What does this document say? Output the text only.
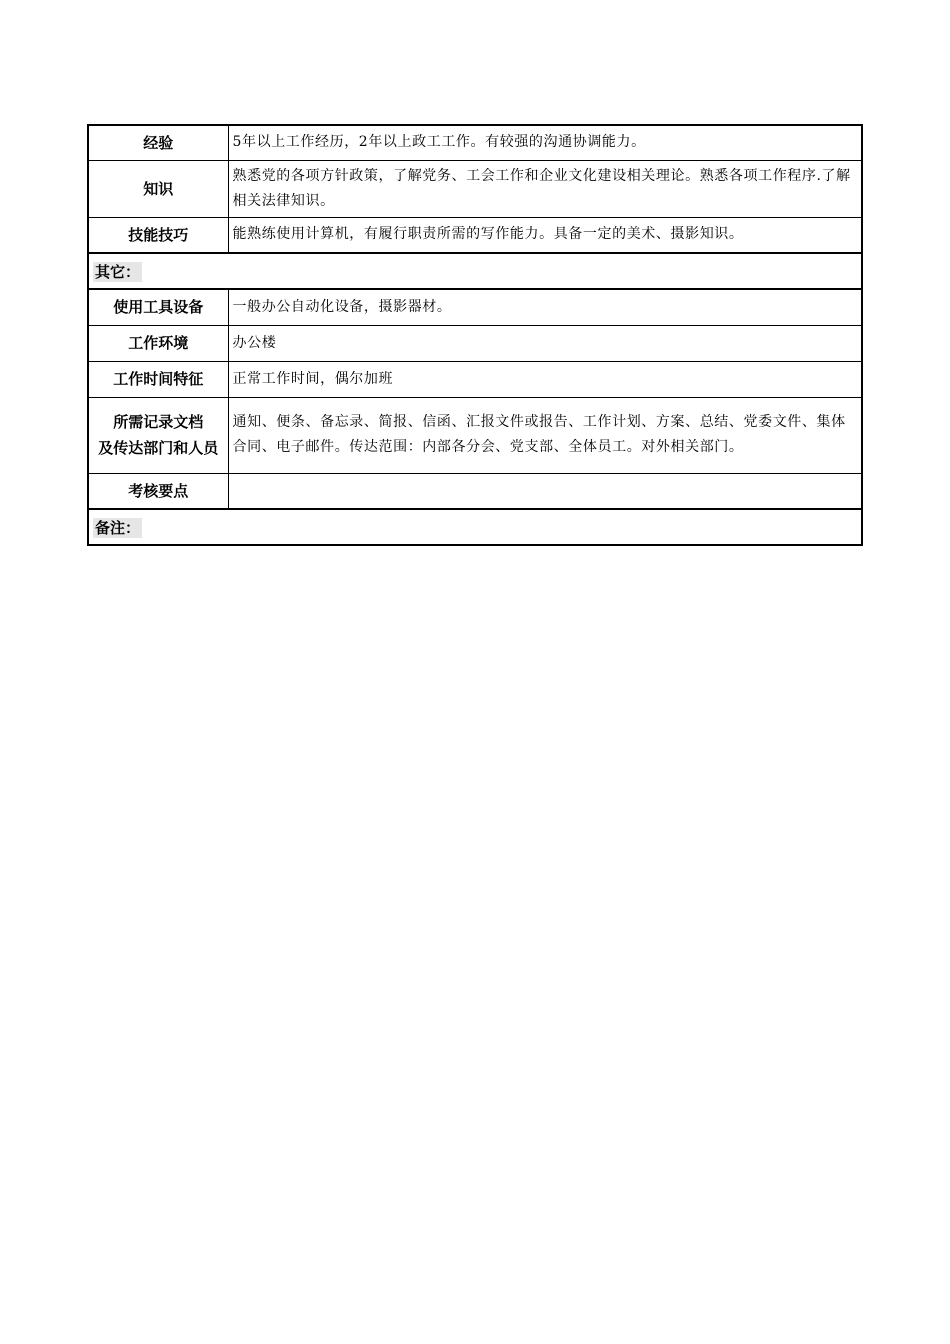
经验	5年以上工作经历，2年以上政工工作。有较强的沟通协调能力。
知识	熟悉党的各项方针政策，了解党务、工会工作和企业文化建设相关理论。熟悉各项工作程序.了解相关法律知识。
技能技巧	能熟练使用计算机，有履行职责所需的写作能力。具备一定的美术、摄影知识。
其它：	
使用工具设备	一般办公自动化设备，摄影器材。
工作环境	办公楼
工作时间特征	正常工作时间，偶尔加班

所需记录文档
及传达部门和人员	通知、便条、备忘录、简报、信函、汇报文件或报告、工作计划、方案、总结、党委文件、集体合同、电子邮件。传达范围：内部各分会、党支部、全体员工。对外相关部门。
考核要点	
备注：	
